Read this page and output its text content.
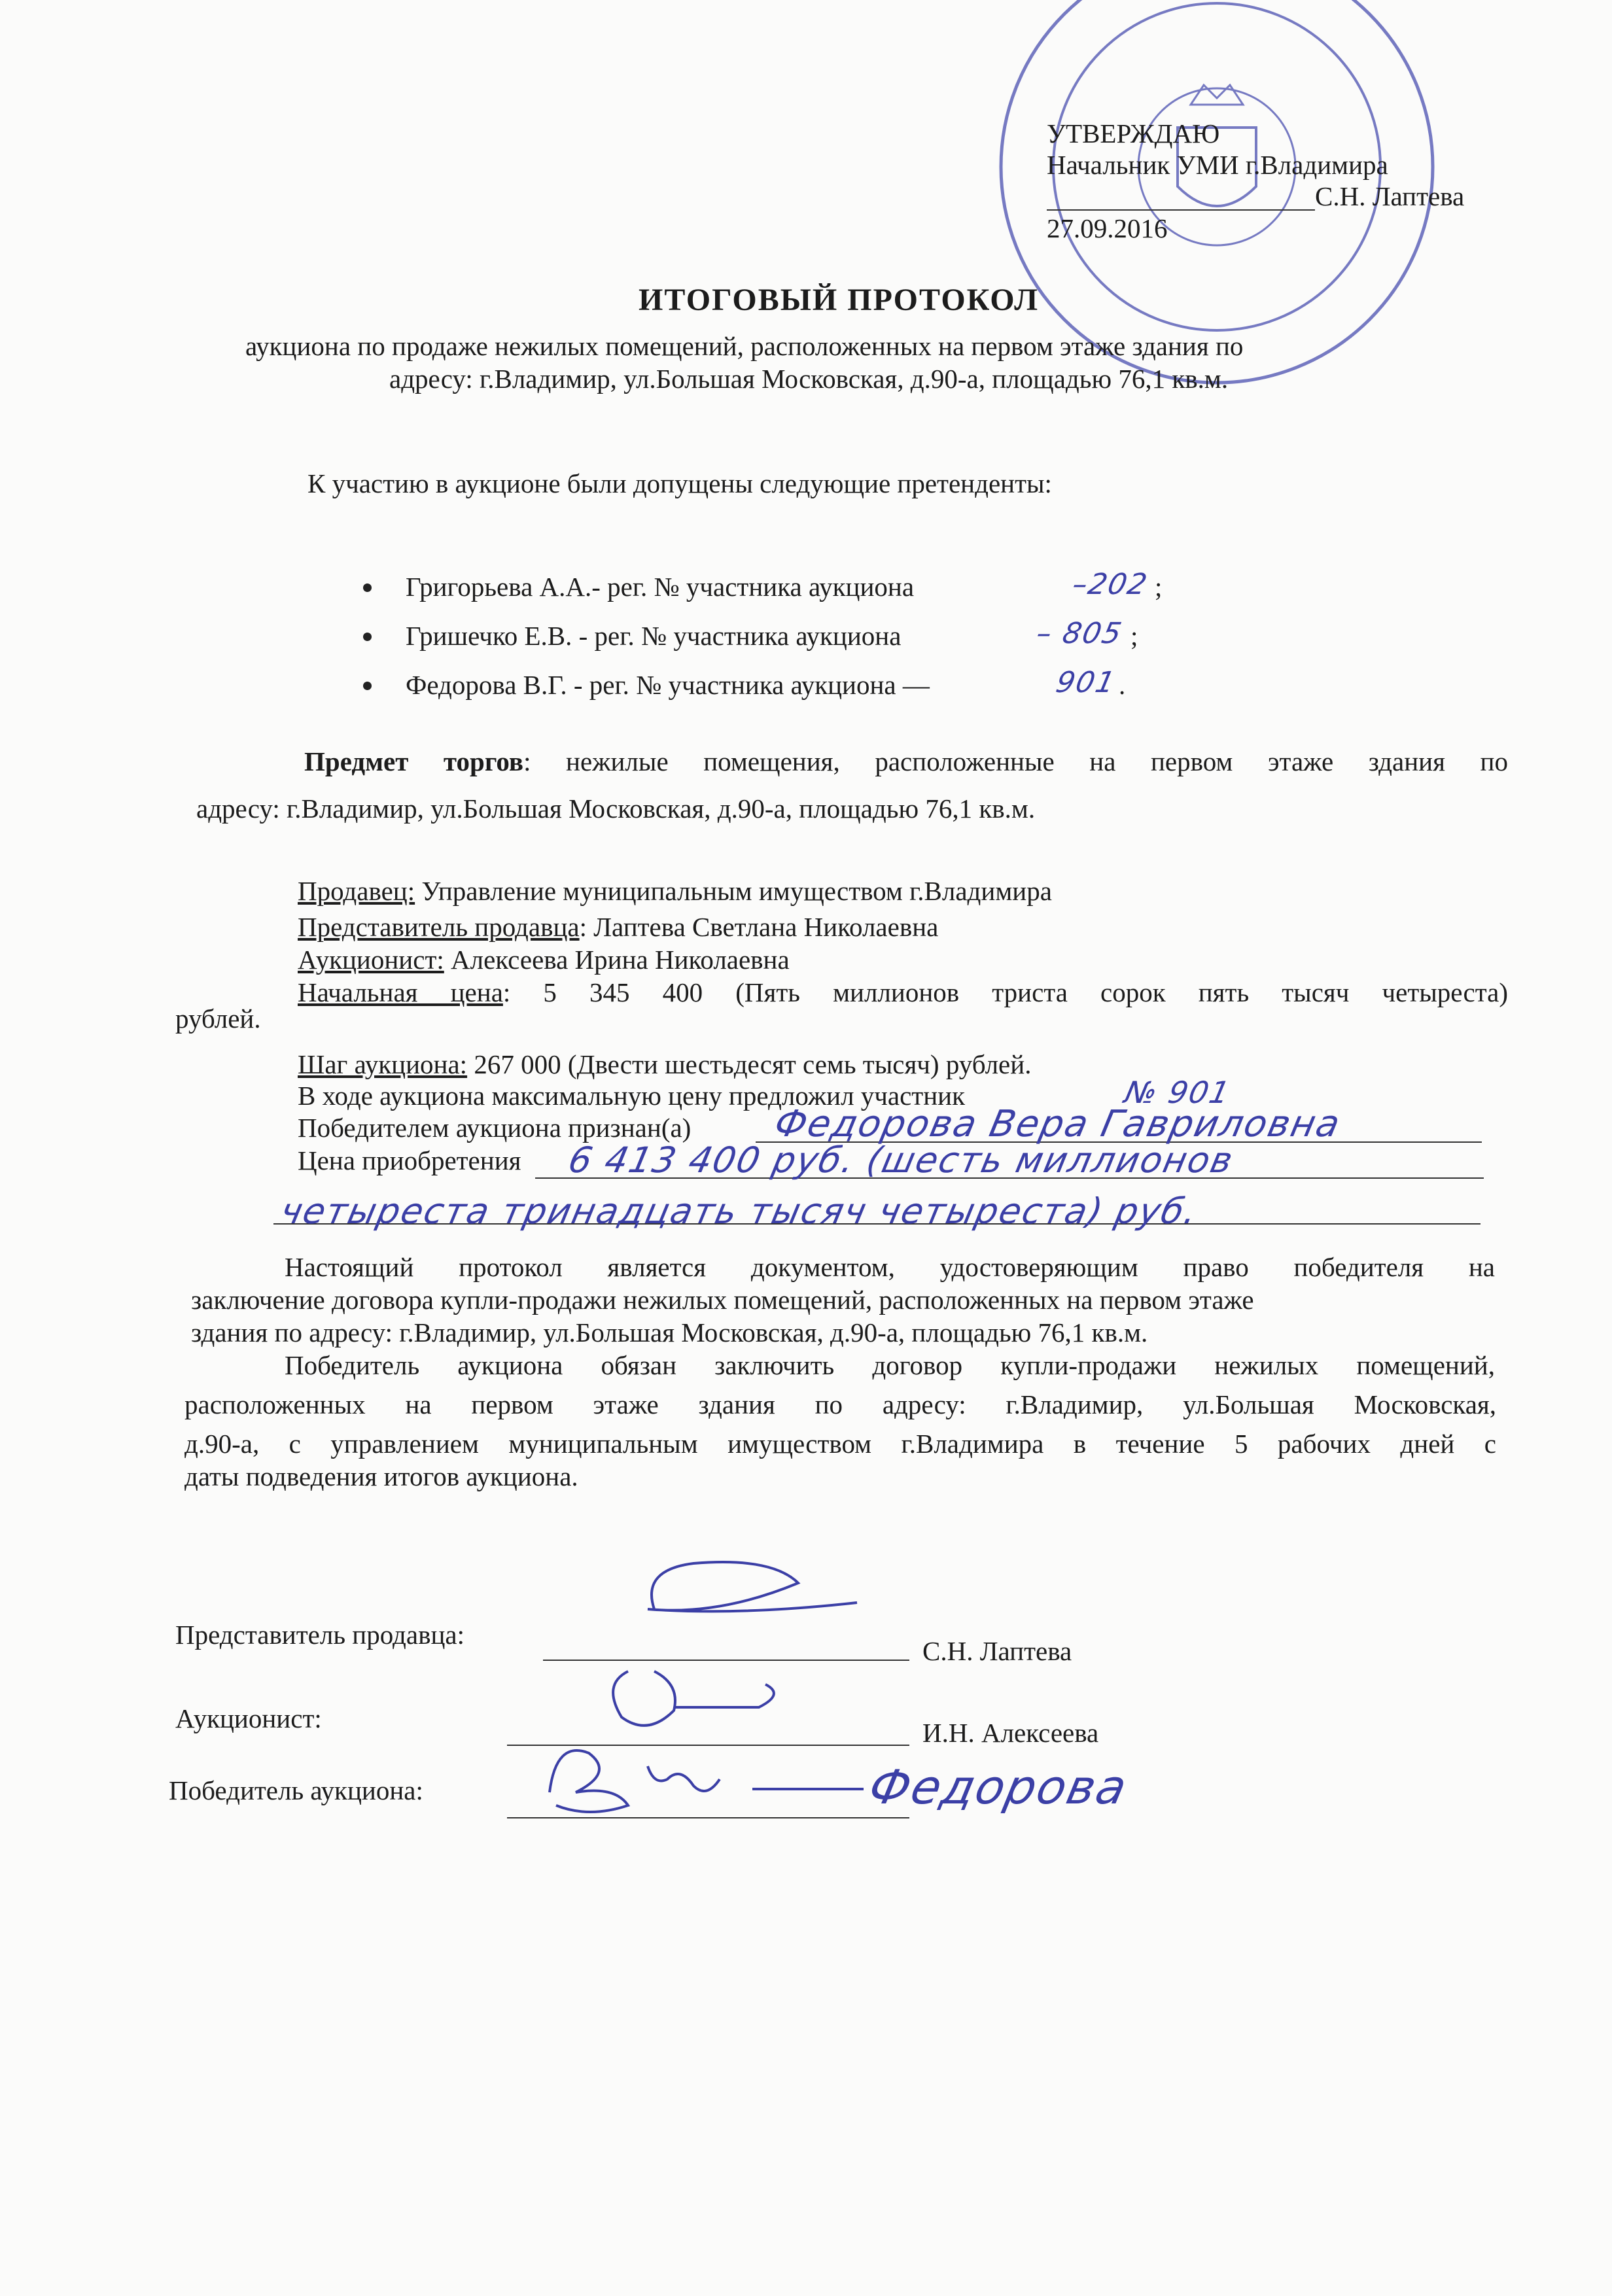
УТВЕРЖДАЮ
Начальник УМИ г.Владимира
С.Н. Лаптева
27.09.2016
ИТОГОВЫЙ ПРОТОКОЛ
аукциона по продаже нежилых помещений, расположенных на первом этаже здания по
адресу: г.Владимир, ул.Большая Московская, д.90-а, площадью 76,1 кв.м.
К участию в аукционе были допущены следующие претенденты:
Григорьева А.А.- рег. № участника аукциона	–202 ;
Гришечко Е.В. - рег. № участника аукциона	– 805 ;
Федорова В.Г. - рег. № участника аукциона —	901 .
Предмет торгов: нежилые помещения, расположенные на первом этаже здания по
адресу: г.Владимир, ул.Большая Московская, д.90-а, площадью 76,1 кв.м.
Продавец: Управление муниципальным имуществом г.Владимира
Представитель продавца: Лаптева Светлана Николаевна
Аукционист: Алексеева Ирина Николаевна
Начальная цена: 5 345 400 (Пять миллионов триста сорок пять тысяч четыреста)
рублей.
Шаг аукциона: 267 000 (Двести шестьдесят семь тысяч) рублей.
В ходе аукциона максимальную цену предложил участник	№ 901
Победителем аукциона признан(а) Федорова Вера Гавриловна
Цена приобретения 6 413 400 руб. (шесть миллионов
четыреста тринадцать тысяч четыреста) руб.
Настоящий протокол является документом, удостоверяющим право победителя на
заключение договора купли-продажи нежилых помещений, расположенных на первом этаже
здания по адресу: г.Владимир, ул.Большая Московская, д.90-а, площадью 76,1 кв.м.
Победитель аукциона обязан заключить договор купли-продажи нежилых помещений,
расположенных на первом этаже здания по адресу: г.Владимир, ул.Большая Московская,
д.90-а, с управлением муниципальным имуществом г.Владимира в течение 5 рабочих дней с
даты подведения итогов аукциона.
Представитель продавца:
С.Н. Лаптева
Аукционист:	И.Н. Алексеева
Победитель аукциона:	Федорова
